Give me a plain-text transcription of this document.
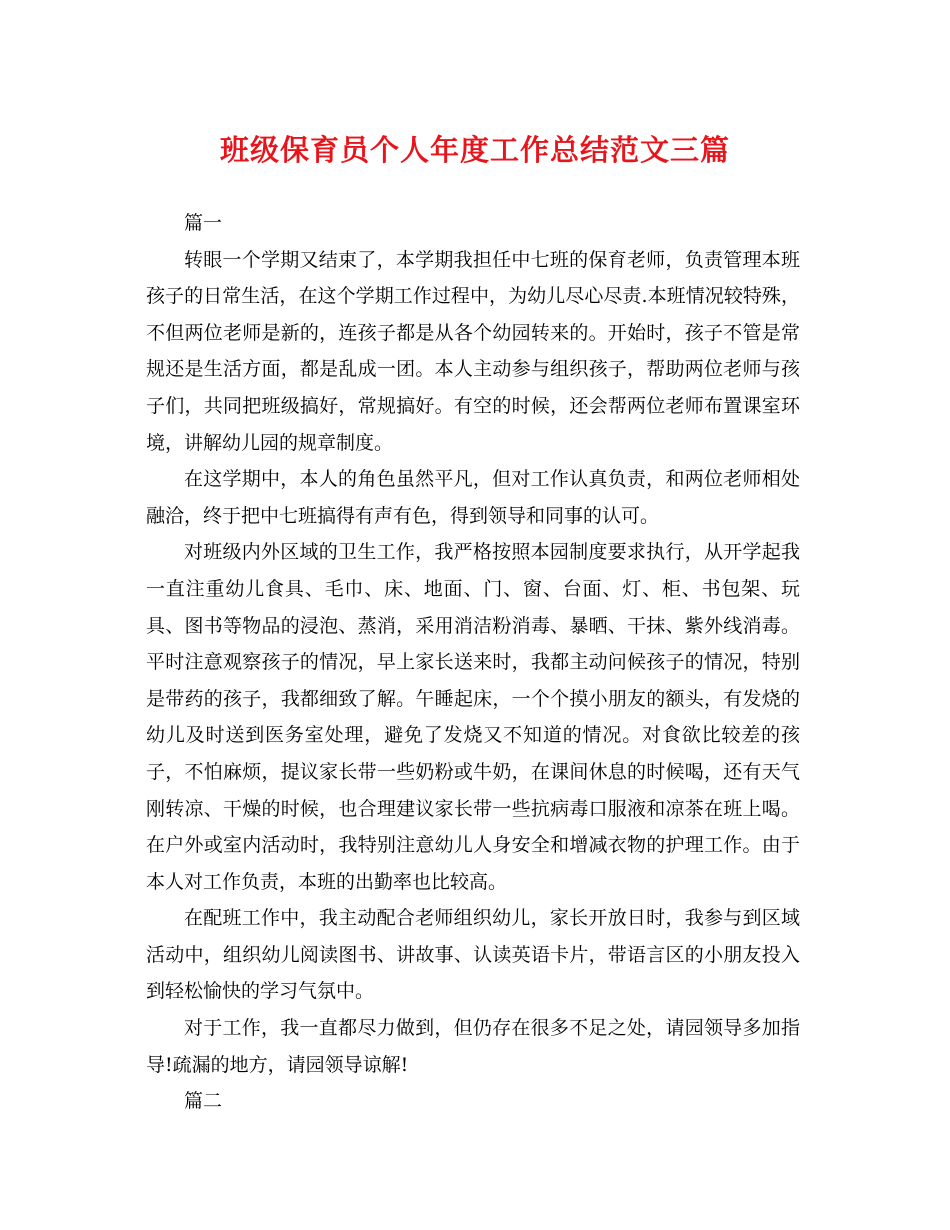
班级保育员个人年度工作总结范文三篇

篇一

转眼一个学期又结束了，本学期我担任中七班的保育老师，负责管理本班孩子的日常生活，在这个学期工作过程中，为幼儿尽心尽责.本班情况较特殊，不但两位老师是新的，连孩子都是从各个幼园转来的。开始时，孩子不管是常规还是生活方面，都是乱成一团。本人主动参与组织孩子，帮助两位老师与孩子们，共同把班级搞好，常规搞好。有空的时候，还会帮两位老师布置课室环境，讲解幼儿园的规章制度。

在这学期中，本人的角色虽然平凡，但对工作认真负责，和两位老师相处融洽，终于把中七班搞得有声有色，得到领导和同事的认可。

对班级内外区域的卫生工作，我严格按照本园制度要求执行，从开学起我一直注重幼儿食具、毛巾、床、地面、门、窗、台面、灯、柜、书包架、玩具、图书等物品的浸泡、蒸消，采用消洁粉消毒、暴晒、干抹、紫外线消毒。平时注意观察孩子的情况，早上家长送来时，我都主动问候孩子的情况，特别是带药的孩子，我都细致了解。午睡起床，一个个摸小朋友的额头，有发烧的幼儿及时送到医务室处理，避免了发烧又不知道的情况。对食欲比较差的孩子，不怕麻烦，提议家长带一些奶粉或牛奶，在课间休息的时候喝，还有天气刚转凉、干燥的时候，也合理建议家长带一些抗病毒口服液和凉茶在班上喝。在户外或室内活动时，我特别注意幼儿人身安全和增减衣物的护理工作。由于本人对工作负责，本班的出勤率也比较高。

在配班工作中，我主动配合老师组织幼儿，家长开放日时，我参与到区域活动中，组织幼儿阅读图书、讲故事、认读英语卡片，带语言区的小朋友投入到轻松愉快的学习气氛中。

对于工作，我一直都尽力做到，但仍存在很多不足之处，请园领导多加指导!疏漏的地方，请园领导谅解!

篇二
